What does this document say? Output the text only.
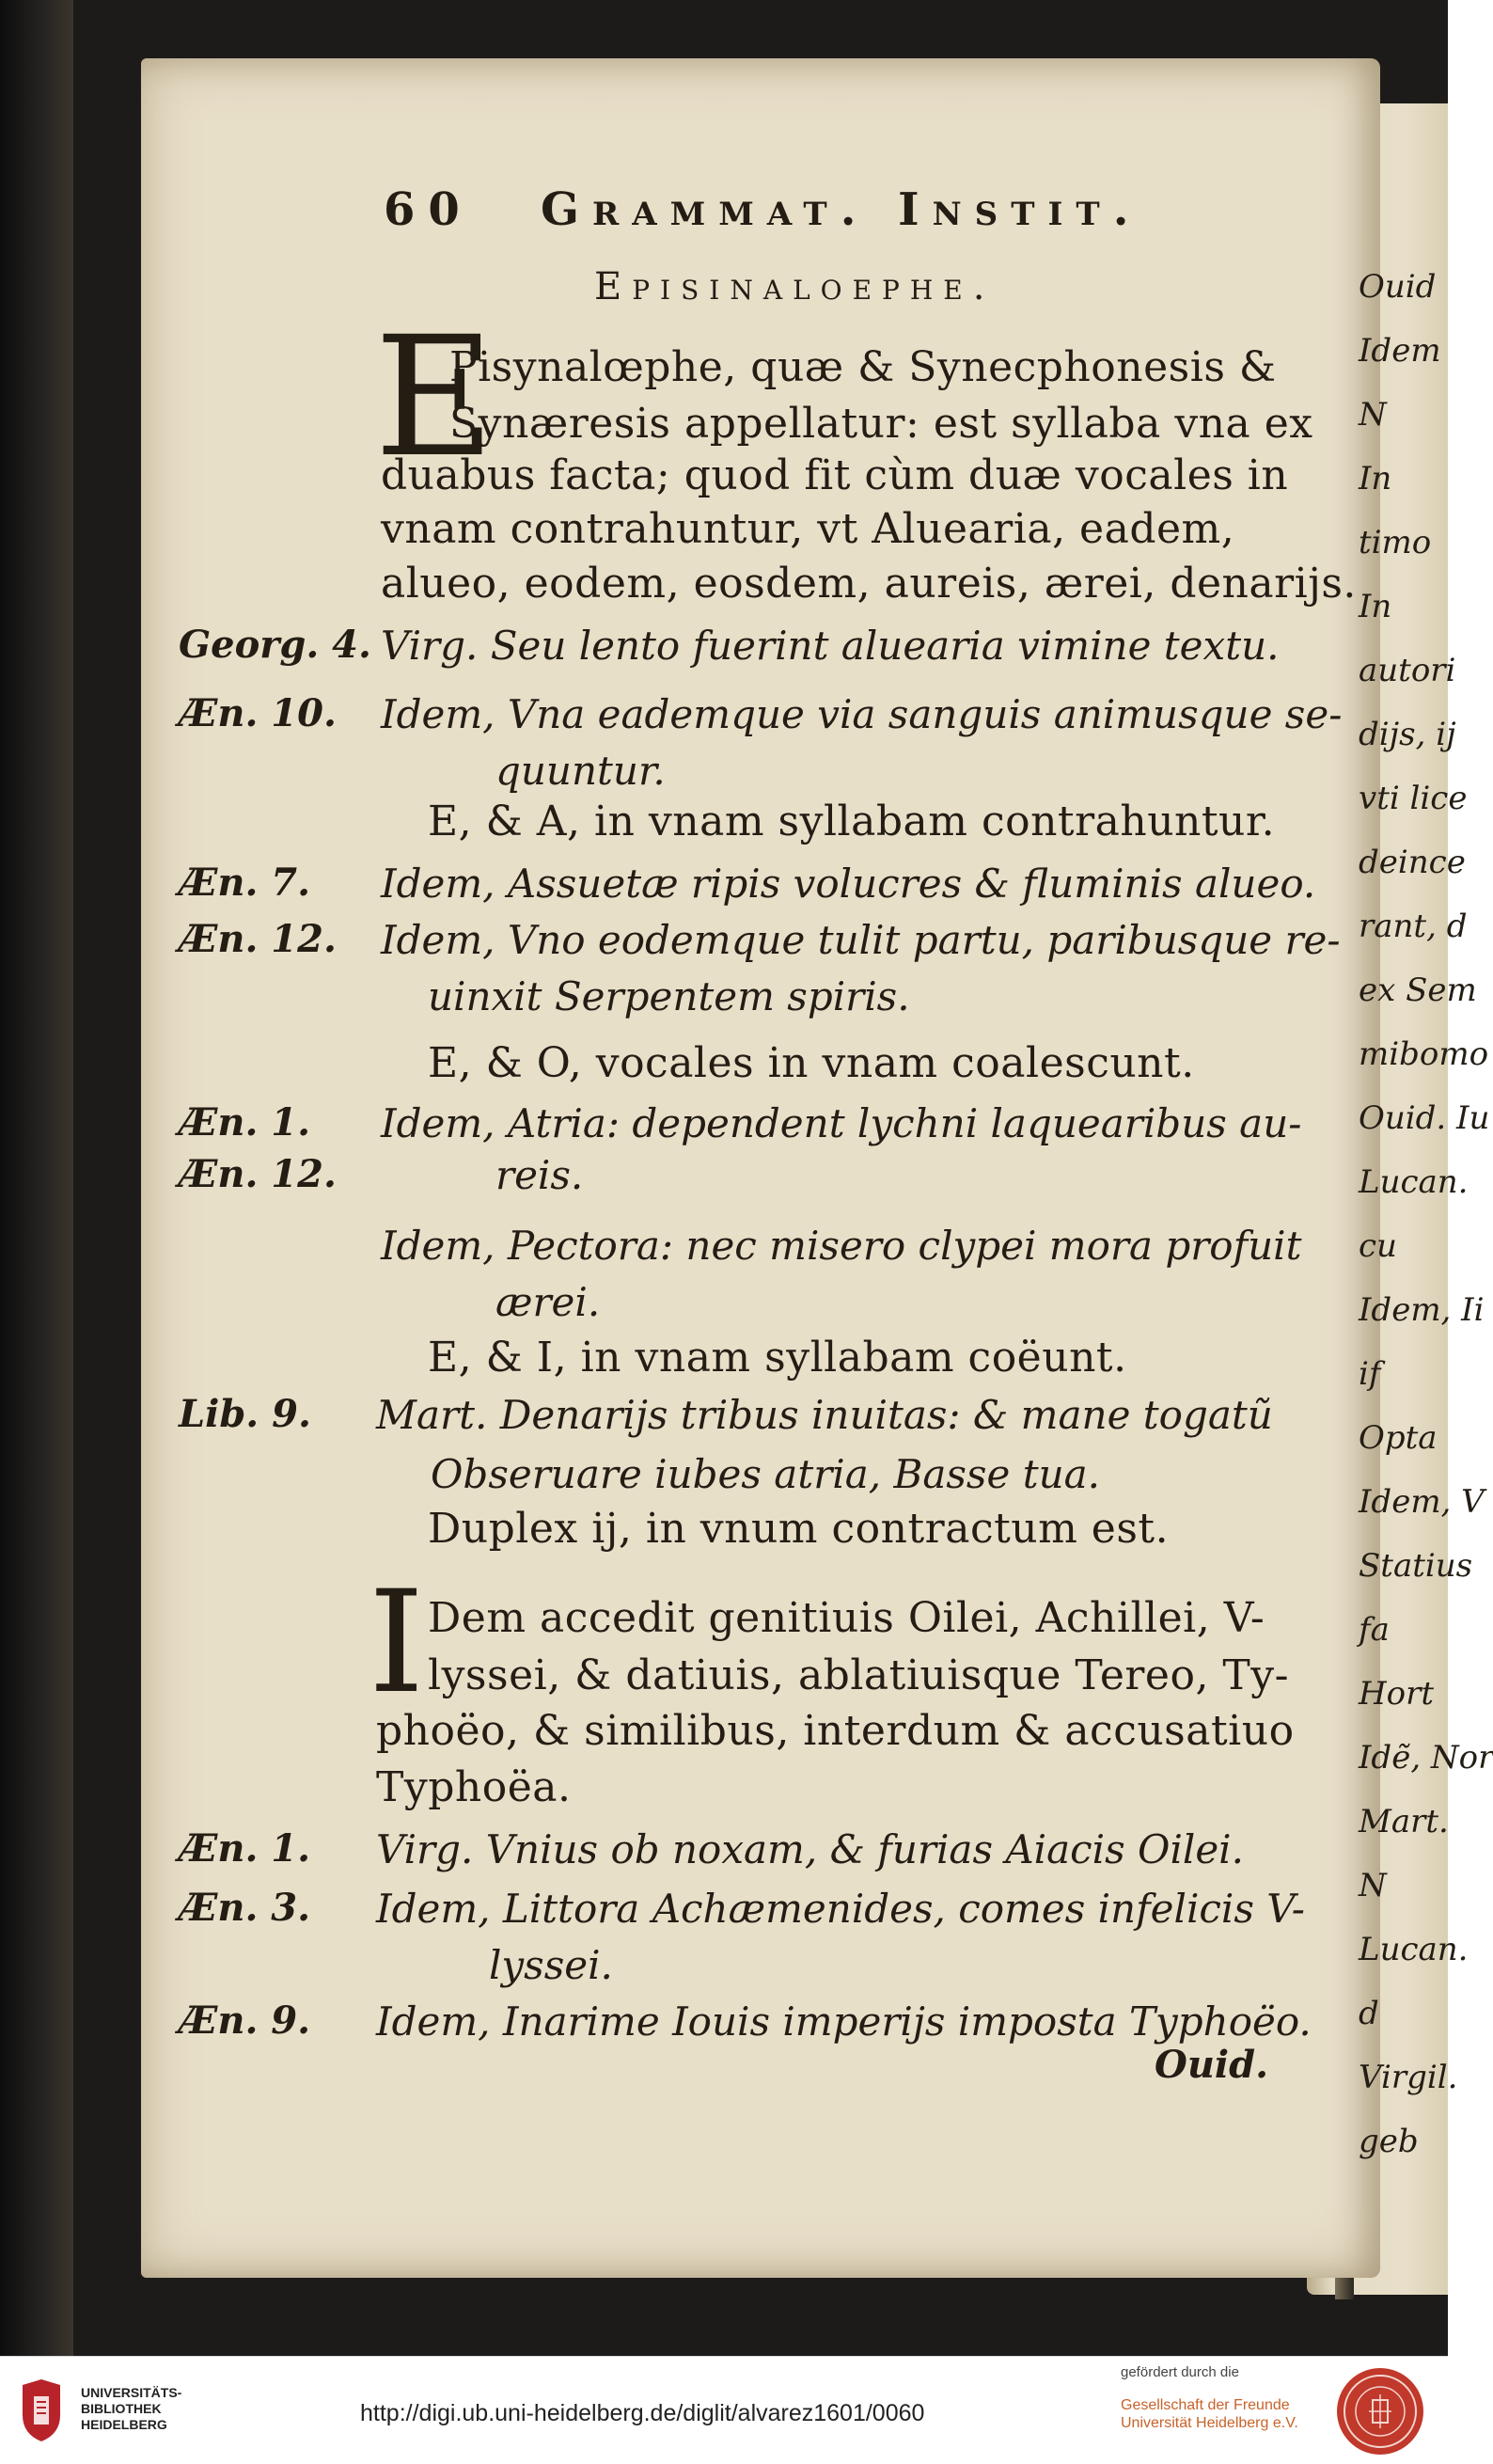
60 Grammat. Instit.
Episinaloephe.
E
Pisynalœphe, quæ & Synecphonesis &
Synæresis appellatur: est syllaba vna ex
duabus facta; quod fit cùm duæ vocales in
vnam contrahuntur, vt Aluearia, eadem,
alueo, eodem, eosdem, aureis, ærei, denarijs.
Georg. 4. Virg. Seu lento fuerint aluearia vimine textu.
Æn. 10. Idem, Vna eademque via sanguis animusque se-
quuntur.
E, & A, in vnam syllabam contrahuntur.
Æn. 7. Idem, Assuetæ ripis volucres & fluminis alueo.
Æn. 12. Idem, Vno eodemque tulit partu, paribusque re-
uinxit Serpentem spiris.
E, & O, vocales in vnam coalescunt.
Æn. 1. Idem, Atria: dependent lychni laquearibus au-
Æn. 12.	reis.
Idem, Pectora: nec misero clypei mora profuit
ærei.
E, & I, in vnam syllabam coëunt.
Lib. 9. Mart. Denarijs tribus inuitas: & mane togatũ
Obseruare iubes atria, Basse tua.
Duplex ij, in vnum contractum est.
I Dem accedit genitiuis Oilei, Achillei, V-
lyssei, & datiuis, ablatiuisque Tereo, Ty-
phoëo, & similibus, interdum & accusatiuo
Typhoëa.
Æn. 1. Virg. Vnius ob noxam, & furias Aiacis Oilei.
Æn. 3. Idem, Littora Achæmenides, comes infelicis V-
lyssei.
Æn. 9. Idem, Inarime Iouis imperijs imposta Typhoëo.
Ouid.
Ouid
Idem
N
In
timo
In
autori
dijs, ij
vti lice
deince
rant, d
ex Sem
mibomo
Ouid. Iu
Lucan.
cu
Idem, Ii
if
Opta
Idem, V
Statius
fa
Hort
Idẽ, Nor
Mart.
N
Lucan.
d
Virgil.
geb
UNIVERSITÄTS-
BIBLIOTHEK
HEIDELBERG	http://digi.ub.uni-heidelberg.de/diglit/alvarez1601/0060
gefördert durch die
Gesellschaft der Freunde
Universität Heidelberg e.V.
